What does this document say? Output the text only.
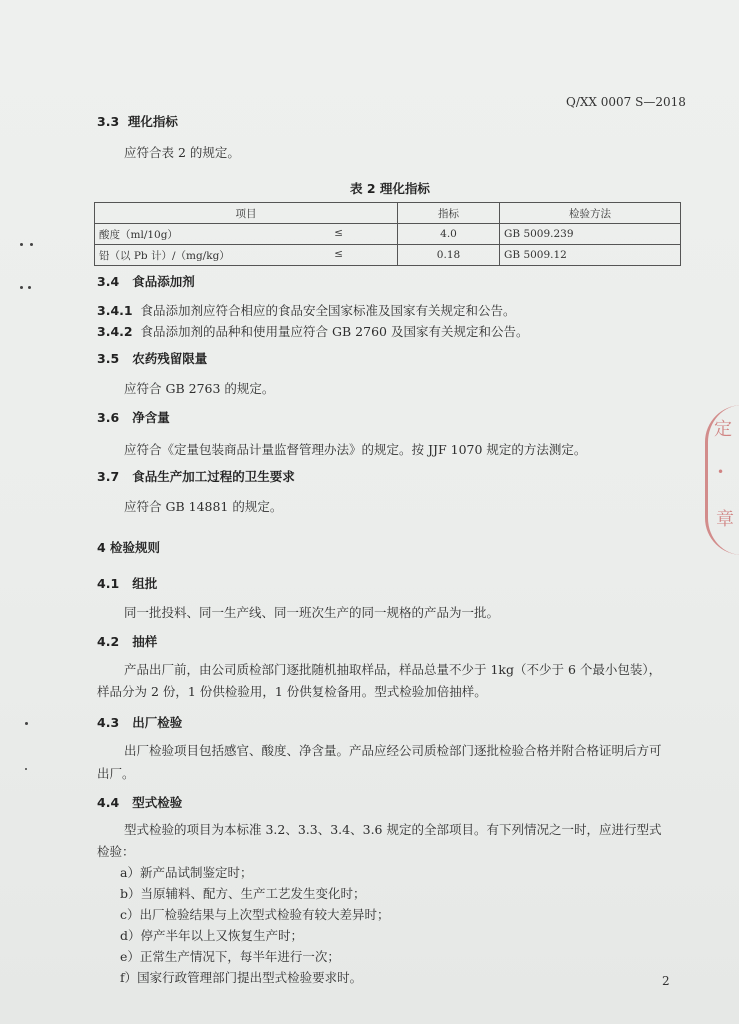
Q/XX 0007 S—2018
3.3 理化指标
应符合表 2 的规定。
表 2 理化指标
项目	指标	检验方法
酸度（ml/10g） ≤	4.0	GB 5009.239
铅（以 Pb 计）/（mg/kg） ≤	0.18	GB 5009.12
3.4 食品添加剂
3.4.1 食品添加剂应符合相应的食品安全国家标准及国家有关规定和公告。
3.4.2 食品添加剂的品种和使用量应符合 GB 2760 及国家有关规定和公告。
3.5 农药残留限量
应符合 GB 2763 的规定。
3.6 净含量
应符合《定量包装商品计量监督管理办法》的规定。按 JJF 1070 规定的方法测定。
3.7 食品生产加工过程的卫生要求
应符合 GB 14881 的规定。
4 检验规则
4.1 组批
同一批投料、同一生产线、同一班次生产的同一规格的产品为一批。
4.2 抽样
产品出厂前，由公司质检部门逐批随机抽取样品，样品总量不少于 1kg（不少于 6 个最小包装），
样品分为 2 份，1 份供检验用，1 份供复检备用。型式检验加倍抽样。
4.3 出厂检验
出厂检验项目包括感官、酸度、净含量。产品应经公司质检部门逐批检验合格并附合格证明后方可
出厂。
4.4 型式检验
型式检验的项目为本标准 3.2、3.3、3.4、3.6 规定的全部项目。有下列情况之一时，应进行型式
检验：
a）新产品试制鉴定时；
b）当原辅料、配方、生产工艺发生变化时；
c）出厂检验结果与上次型式检验有较大差异时；
d）停产半年以上又恢复生产时；
e）正常生产情况下，每半年进行一次；
f）国家行政管理部门提出型式检验要求时。	2
定
•
章
